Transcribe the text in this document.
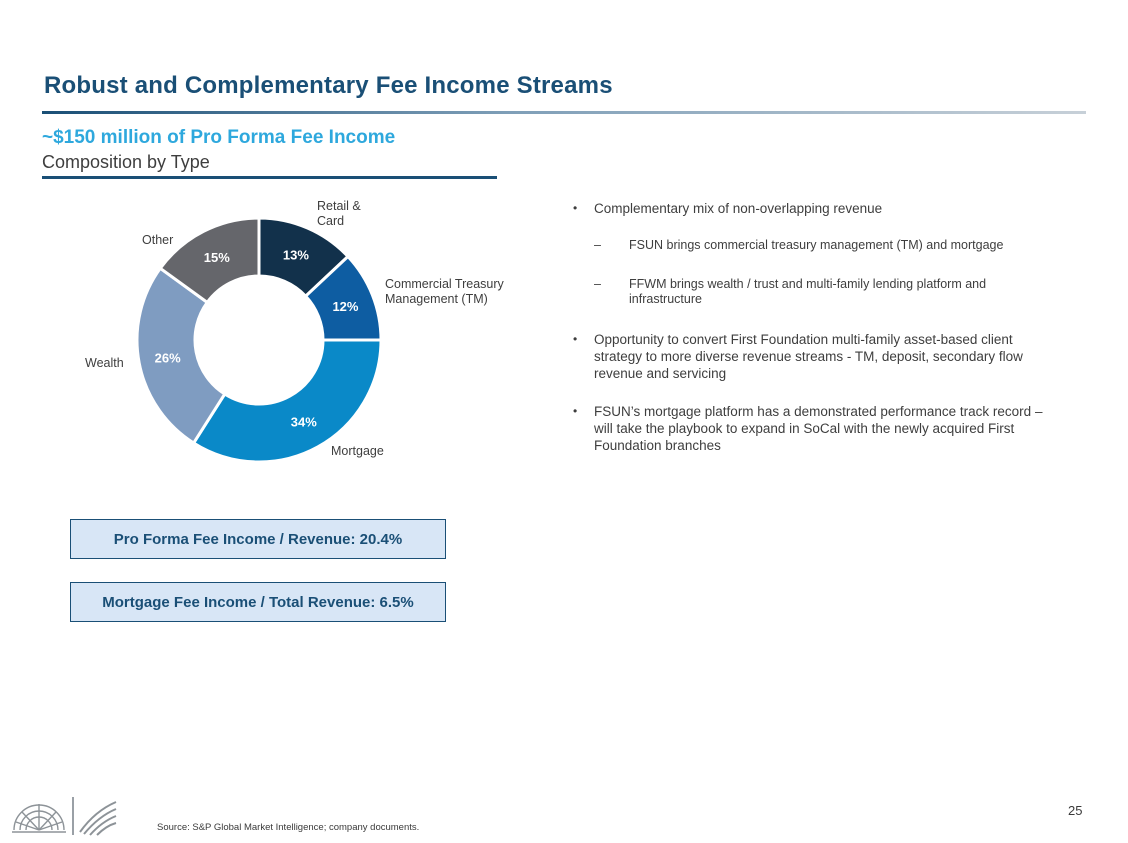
Robust and Complementary Fee Income Streams
~$150 million of Pro Forma Fee Income
Composition by Type
13%
12%
34%
26%
15%
Retail &
Card
Commercial Treasury
Management (TM)
Mortgage
Wealth
Other
• Complementary mix of non-overlapping revenue
– FSUN brings commercial treasury management (TM) and mortgage
– FFWM brings wealth / trust and multi-family lending platform and infrastructure
• Opportunity to convert First Foundation multi-family asset-based client strategy to more diverse revenue streams - TM, deposit, secondary flow revenue and servicing
• FSUN’s mortgage platform has a demonstrated performance track record – will take the playbook to expand in SoCal with the newly acquired First Foundation branches
Pro Forma Fee Income / Revenue: 20.4%
Mortgage Fee Income / Total Revenue: 6.5%
Source: S&P Global Market Intelligence; company documents.
25
